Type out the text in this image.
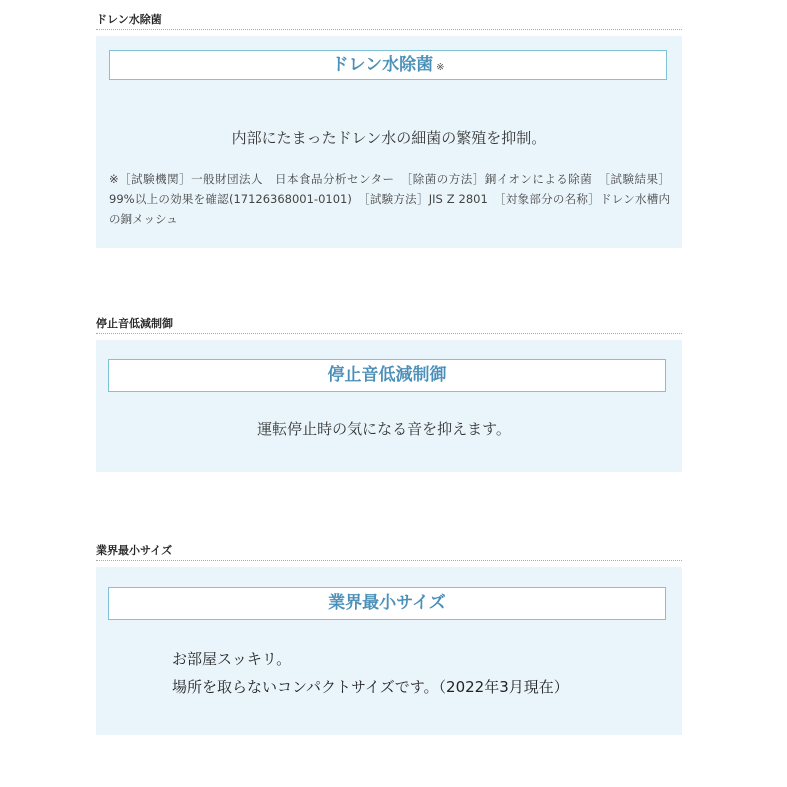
ドレン水除菌
ドレン水除菌 ※
内部にたまったドレン水の細菌の繁殖を抑制。
※［試験機関］一般財団法人　日本食品分析センター　［除菌の方法］銅イオンによる除菌　［試験結果］99%以上の効果を確認(17126368001-0101)　［試験方法］JIS Z 2801　［対象部分の名称］ドレン水槽内の銅メッシュ
停止音低減制御
停止音低減制御
運転停止時の気になる音を抑えます。
業界最小サイズ
業界最小サイズ
お部屋スッキリ。
場所を取らないコンパクトサイズです。（2022年3月現在）
